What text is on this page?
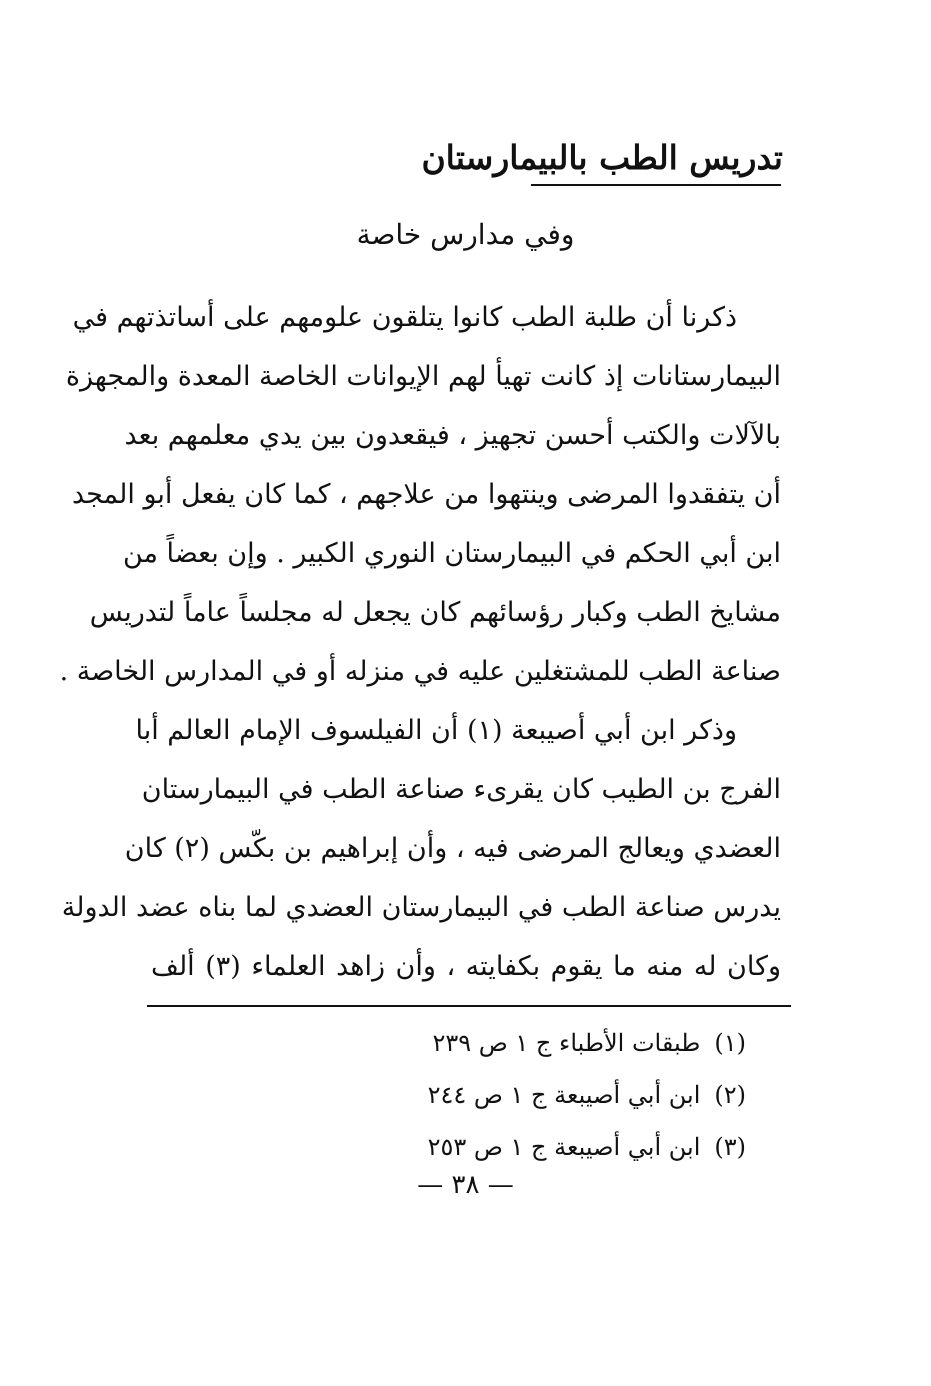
تدريس الطب بالبيمارستان
وفي مدارس خاصة
ذكرنا أن طلبة الطب كانوا يتلقون علومهم على أساتذتهم في
البيمارستانات إذ كانت تهيأ لهم الإيوانات الخاصة المعدة والمجهزة
بالآلات والكتب أحسن تجهيز ، فيقعدون بين يدي معلمهم بعد
أن يتفقدوا المرضى وينتهوا من علاجهم ، كما كان يفعل أبو المجد
ابن أبي الحكم في البيمارستان النوري الكبير . وإن بعضاً من
مشايخ الطب وكبار رؤسائهم كان يجعل له مجلساً عاماً لتدريس
صناعة الطب للمشتغلين عليه في منزله أو في المدارس الخاصة .
وذكر ابن أبي أصيبعة (١) أن الفيلسوف الإمام العالم أبا
الفرج بن الطيب كان يقرىء صناعة الطب في البيمارستان
العضدي ويعالج المرضى فيه ، وأن إبراهيم بن بكّس (٢) كان
يدرس صناعة الطب في البيمارستان العضدي لما بناه عضد الدولة
وكان له منه ما يقوم بكفايته ، وأن زاهد العلماء (٣) ألف
(١)طبقات الأطباء ج ١ ص ٢٣٩
(٢)ابن أبي أصيبعة ج ١ ص ٢٤٤
(٣)ابن أبي أصيبعة ج ١ ص ٢٥٣
— ٣٨ —
